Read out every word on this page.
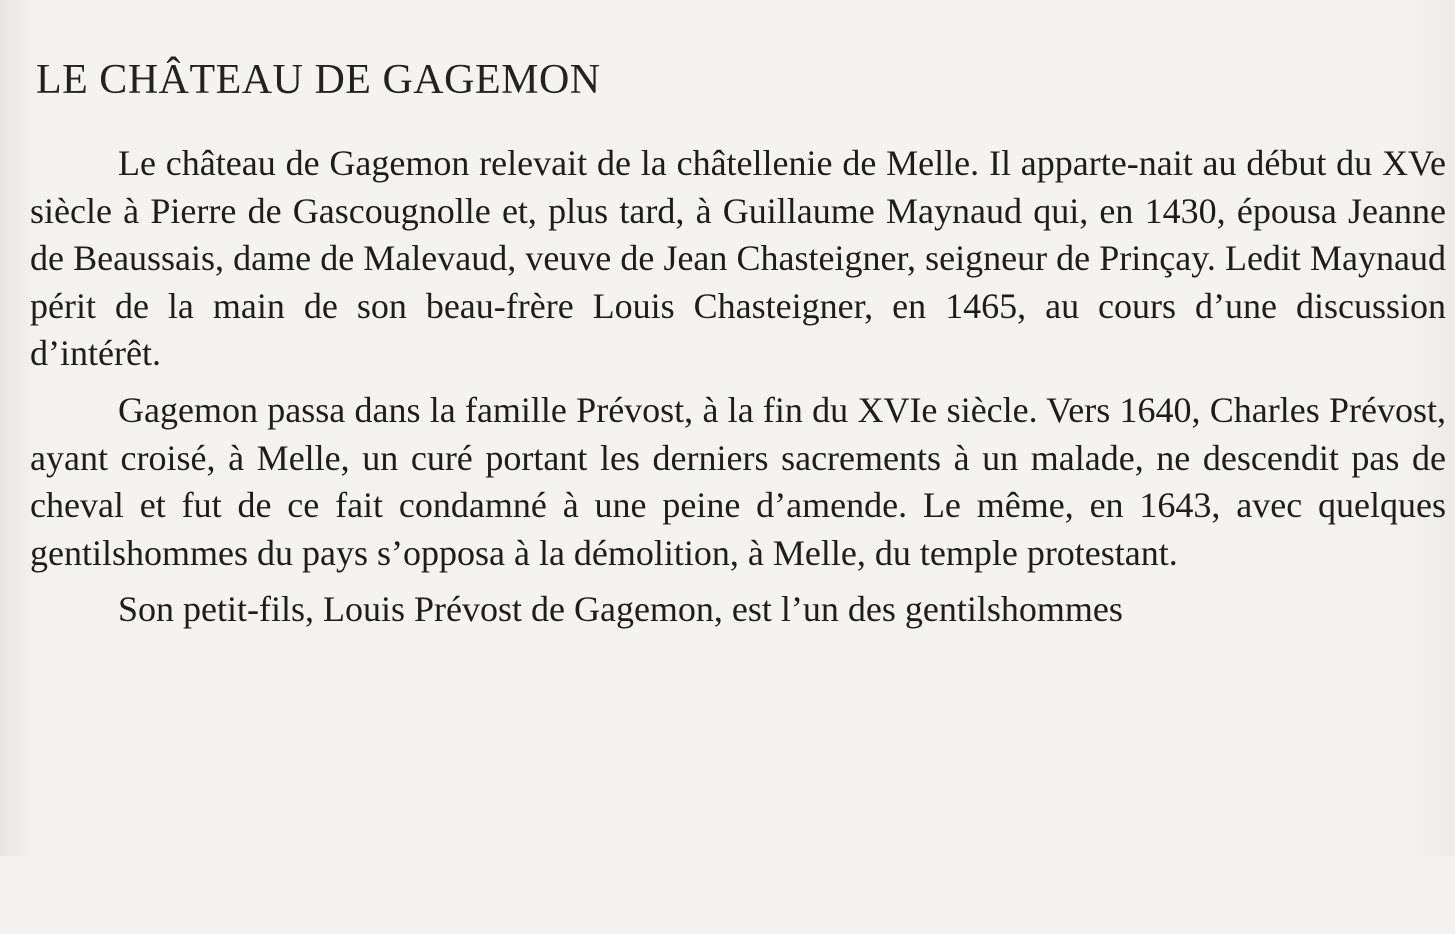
LE CHÂTEAU DE GAGEMON

Le château de Gagemon relevait de la châtellenie de Melle. Il apparte-nait au début du XVe siècle à Pierre de Gascougnolle et, plus tard, à Guillaume Maynaud qui, en 1430, épousa Jeanne de Beaussais, dame de Malevaud, veuve de Jean Chasteigner, seigneur de Prinçay. Ledit Maynaud périt de la main de son beau-frère Louis Chasteigner, en 1465, au cours d’une discussion d’intérêt.

Gagemon passa dans la famille Prévost, à la fin du XVIe siècle. Vers 1640, Charles Prévost, ayant croisé, à Melle, un curé portant les derniers sacrements à un malade, ne descendit pas de cheval et fut de ce fait condamné à une peine d’amende. Le même, en 1643, avec quelques gentilshommes du pays s’opposa à la démolition, à Melle, du temple protestant.

Son petit-fils, Louis Prévost de Gagemon, est l’un des gentilshommes
